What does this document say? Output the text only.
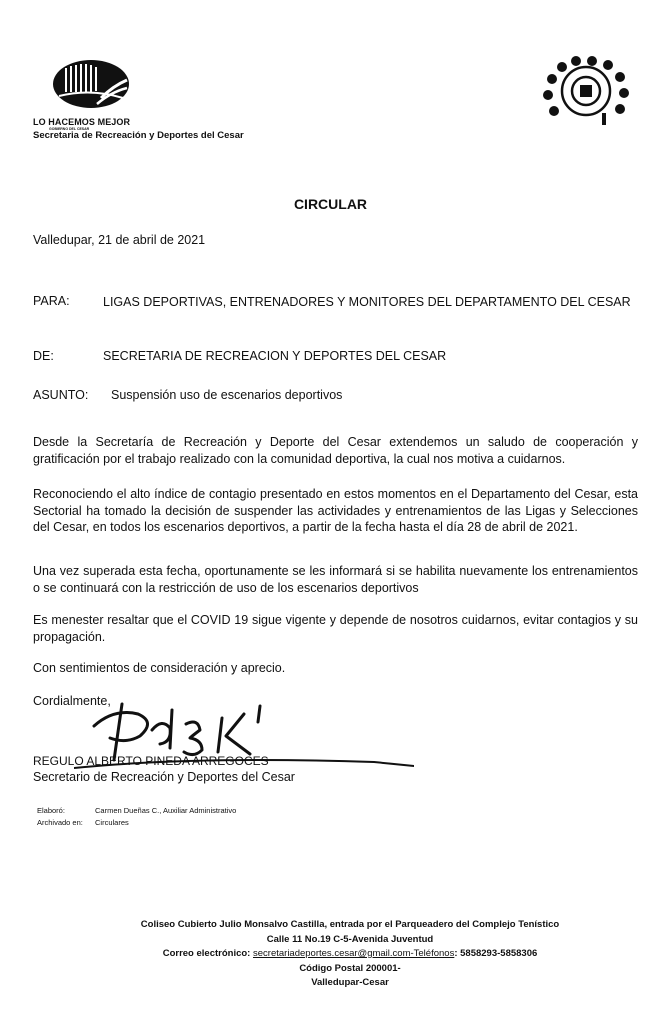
LO HACEMOS MEJOR
GOBIERNO DEL CESAR
Secretaria de Recreación y Deportes del Cesar
CIRCULAR
Valledupar, 21 de abril de 2021
PARA:	LIGAS DEPORTIVAS, ENTRENADORES Y MONITORES DEL DEPARTAMENTO DEL CESAR
DE:	SECRETARIA DE RECREACION Y DEPORTES DEL CESAR
ASUNTO: Suspensión uso de escenarios deportivos
Desde la Secretaría de Recreación y Deporte del Cesar extendemos un saludo de cooperación y gratificación por el trabajo realizado con la comunidad deportiva, la cual nos motiva a cuidarnos.
Reconociendo el alto índice de contagio presentado en estos momentos en el Departamento del Cesar, esta Sectorial ha tomado la decisión de suspender las actividades y entrenamientos de las Ligas y Selecciones del Cesar, en todos los escenarios deportivos, a partir de la fecha hasta el día 28 de abril de 2021.
Una vez superada esta fecha, oportunamente se les informará si se habilita nuevamente los entrenamientos o se continuará con la restricción de uso de los escenarios deportivos
Es menester resaltar que el COVID 19 sigue vigente y depende de nosotros cuidarnos, evitar contagios y su propagación.
Con sentimientos de consideración y aprecio.
Cordialmente,
REGULO ALBERTO PINEDA ARREGOCES
Secretario de Recreación y Deportes del Cesar
Elaboró:	Carmen Dueñas C., Auxiliar Administrativo
Archivado en: Circulares
Coliseo Cubierto Julio Monsalvo Castilla, entrada por el Parqueadero del Complejo Tenístico
Calle 11 No.19 C-5-Avenida Juventud
Correo electrónico: secretariadeportes.cesar@gmail.com-Teléfonos: 5858293-5858306
Código Postal 200001-
Valledupar-Cesar
